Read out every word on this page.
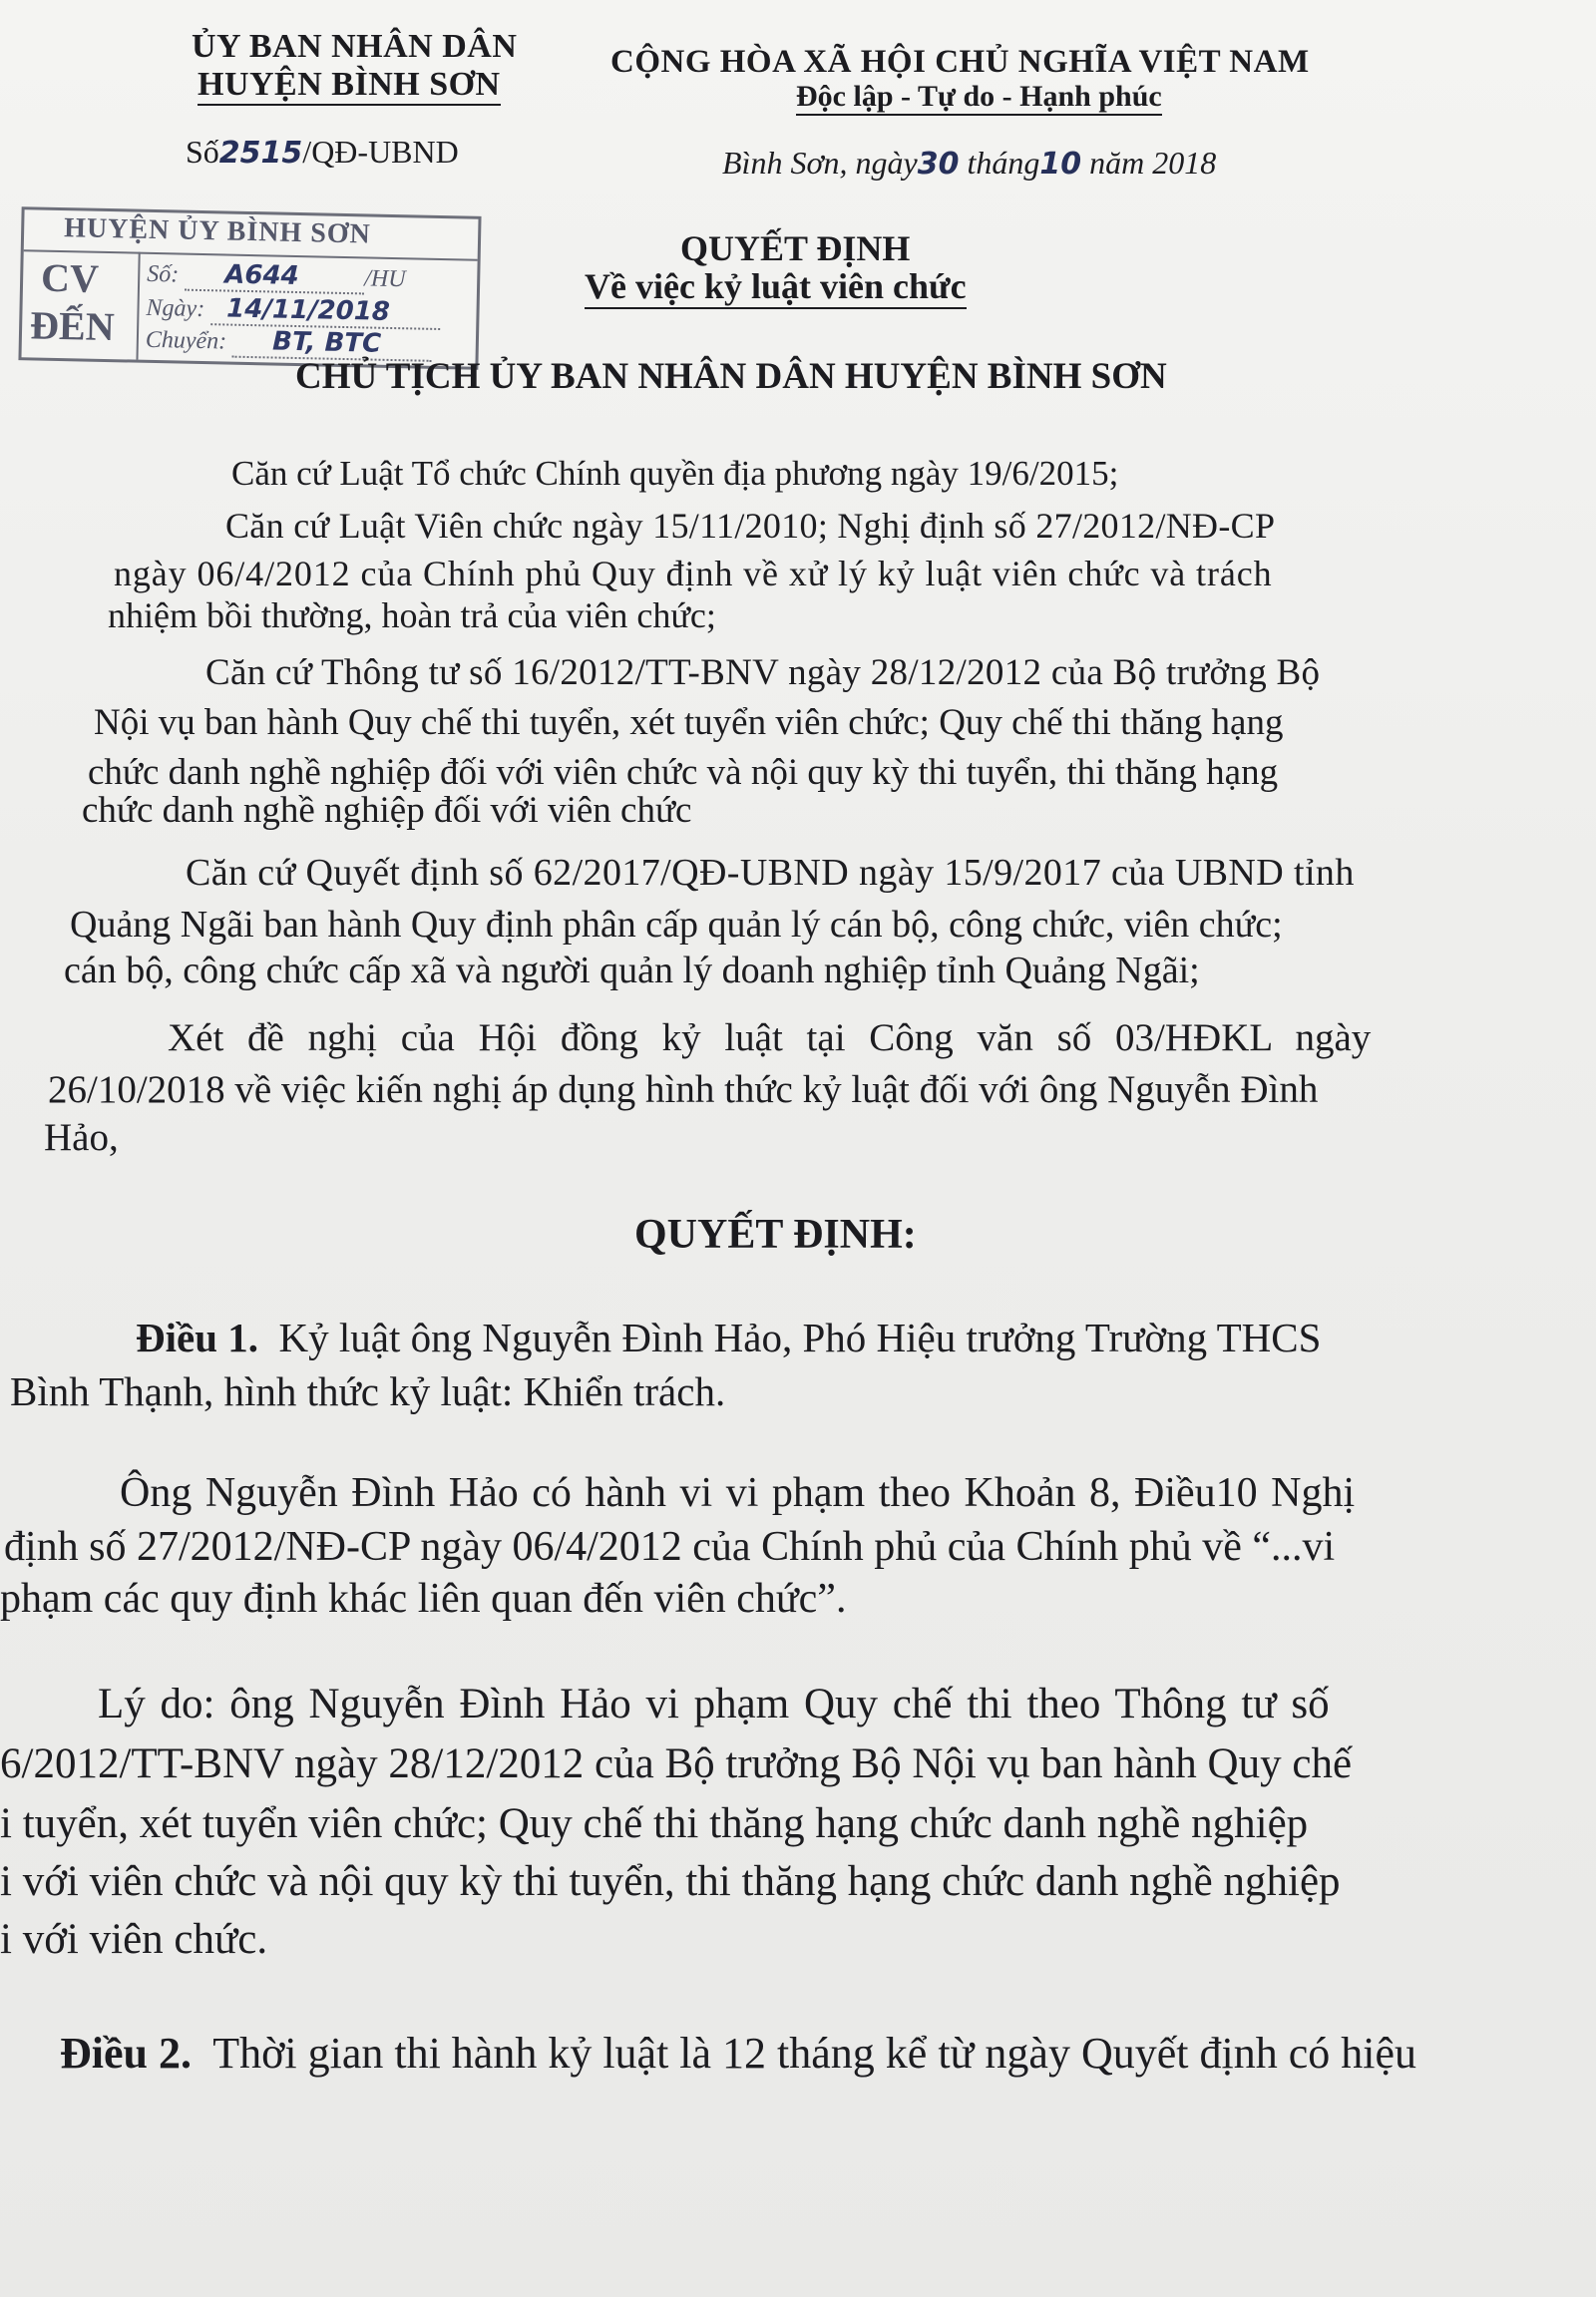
ỦY BAN NHÂN DÂN
HUYỆN BÌNH SƠN
Số2515/QĐ-UBND
CỘNG HÒA XÃ HỘI CHỦ NGHĨA VIỆT NAM
Độc lập - Tự do - Hạnh phúc
Bình Sơn, ngày30 tháng10 năm 2018
HUYỆN ỦY BÌNH SƠN
CV
ĐẾN
Số: A644	/HU
Ngày: 14/11/2018
Chuyển: BT, BTC
QUYẾT ĐỊNH
Về việc kỷ luật viên chức
CHỦ TỊCH ỦY BAN NHÂN DÂN HUYỆN BÌNH SƠN
Căn cứ Luật Tổ chức Chính quyền địa phương ngày 19/6/2015;
Căn cứ Luật Viên chức ngày 15/11/2010; Nghị định số 27/2012/NĐ-CP
ngày 06/4/2012 của Chính phủ Quy định về xử lý kỷ luật viên chức và trách
nhiệm bồi thường, hoàn trả của viên chức;
Căn cứ Thông tư số 16/2012/TT-BNV ngày 28/12/2012 của Bộ trưởng Bộ
Nội vụ ban hành Quy chế thi tuyển, xét tuyển viên chức; Quy chế thi thăng hạng
chức danh nghề nghiệp đối với viên chức và nội quy kỳ thi tuyển, thi thăng hạng
chức danh nghề nghiệp đối với viên chức
Căn cứ Quyết định số 62/2017/QĐ-UBND ngày 15/9/2017 của UBND tỉnh
Quảng Ngãi ban hành Quy định phân cấp quản lý cán bộ, công chức, viên chức;
cán bộ, công chức cấp xã và người quản lý doanh nghiệp tỉnh Quảng Ngãi;
Xét đề nghị của Hội đồng kỷ luật tại Công văn số 03/HĐKL ngày
26/10/2018 về việc kiến nghị áp dụng hình thức kỷ luật đối với ông Nguyễn Đình
Hảo,
QUYẾT ĐỊNH:
Điều 1. Kỷ luật ông Nguyễn Đình Hảo, Phó Hiệu trưởng Trường THCS
Bình Thạnh, hình thức kỷ luật: Khiển trách.
Ông Nguyễn Đình Hảo có hành vi vi phạm theo Khoản 8, Điều10 Nghị
định số 27/2012/NĐ-CP ngày 06/4/2012 của Chính phủ của Chính phủ về “...vi
phạm các quy định khác liên quan đến viên chức”.
Lý do: ông Nguyễn Đình Hảo vi phạm Quy chế thi theo Thông tư số
6/2012/TT-BNV ngày 28/12/2012 của Bộ trưởng Bộ Nội vụ ban hành Quy chế
i tuyển, xét tuyển viên chức; Quy chế thi thăng hạng chức danh nghề nghiệp
i với viên chức và nội quy kỳ thi tuyển, thi thăng hạng chức danh nghề nghiệp
i với viên chức.
Điều 2. Thời gian thi hành kỷ luật là 12 tháng kể từ ngày Quyết định có hiệu
